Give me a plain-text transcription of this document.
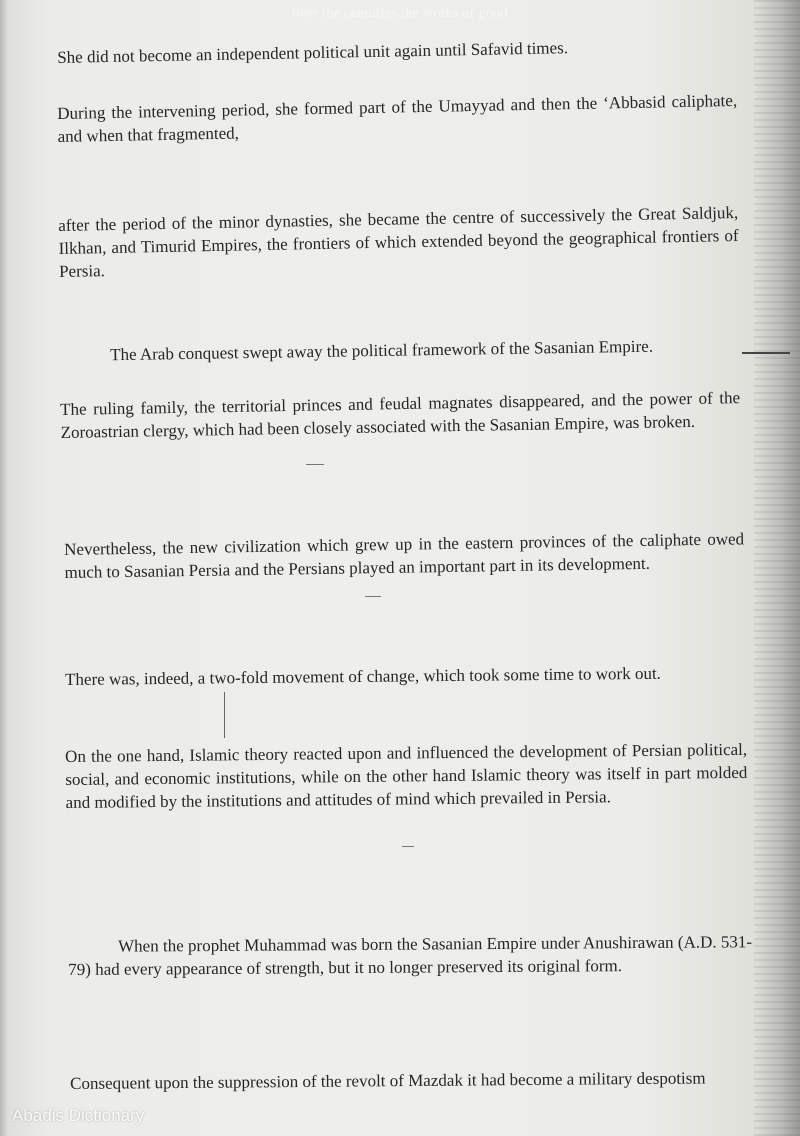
over the centuries the works of good

She did not become an independent political unit again until Safavid times.

During the intervening period, she formed part of the Umayyad and then the ‘Abbasid caliphate, and when that fragmented,

after the period of the minor dynasties, she became the centre of successively the Great Saldjuk, Ilkhan, and Timurid Empires, the frontiers of which extended beyond the geographical frontiers of Persia.

The Arab conquest swept away the political framework of the Sasanian Empire.

The ruling family, the territorial princes and feudal magnates disappeared, and the power of the Zoroastrian clergy, which had been closely associated with the Sasanian Empire, was broken.

Nevertheless, the new civilization which grew up in the eastern provinces of the caliphate owed much to Sasanian Persia and the Persians played an important part in its development.

There was, indeed, a two-fold movement of change, which took some time to work out.

On the one hand, Islamic theory reacted upon and influenced the development of Persian political, social, and economic institutions, while on the other hand Islamic theory was itself in part molded and modified by the institutions and attitudes of mind which prevailed in Persia.

When the prophet Muhammad was born the Sasanian Empire under Anushirawan (A.D. 531-79) had every appearance of strength, but it no longer preserved its original form.

Consequent upon the suppression of the revolt of Mazdak it had become a military despotism

Abadis Dictionary
